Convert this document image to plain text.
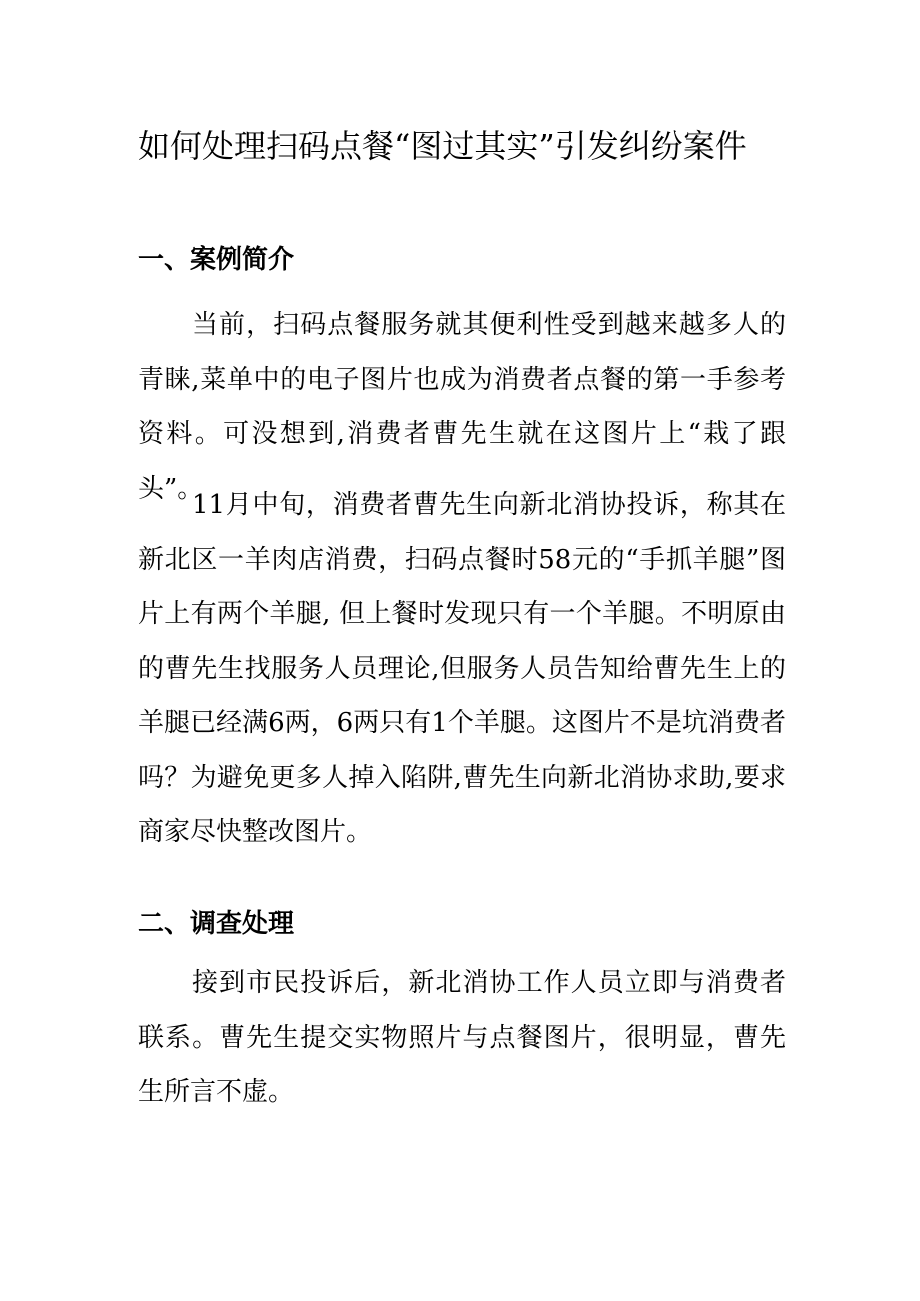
如何处理扫码点餐“图过其实”引发纠纷案件
一、案例简介

当前，扫码点餐服务就其便利性受到越来越多人的青睐,菜单中的电子图片也成为消费者点餐的第一手参考资料。可没想到,消费者曹先生就在这图片上“栽了跟头”。

11月中旬，消费者曹先生向新北消协投诉，称其在新北区一羊肉店消费，扫码点餐时58元的“手抓羊腿”图片上有两个羊腿, 但上餐时发现只有一个羊腿。不明原由的曹先生找服务人员理论,但服务人员告知给曹先生上的羊腿已经满6两，6两只有1个羊腿。这图片不是坑消费者吗？为避免更多人掉入陷阱,曹先生向新北消协求助,要求商家尽快整改图片。

二、调查处理

接到市民投诉后，新北消协工作人员立即与消费者联系。曹先生提交实物照片与点餐图片，很明显，曹先生所言不虚。
